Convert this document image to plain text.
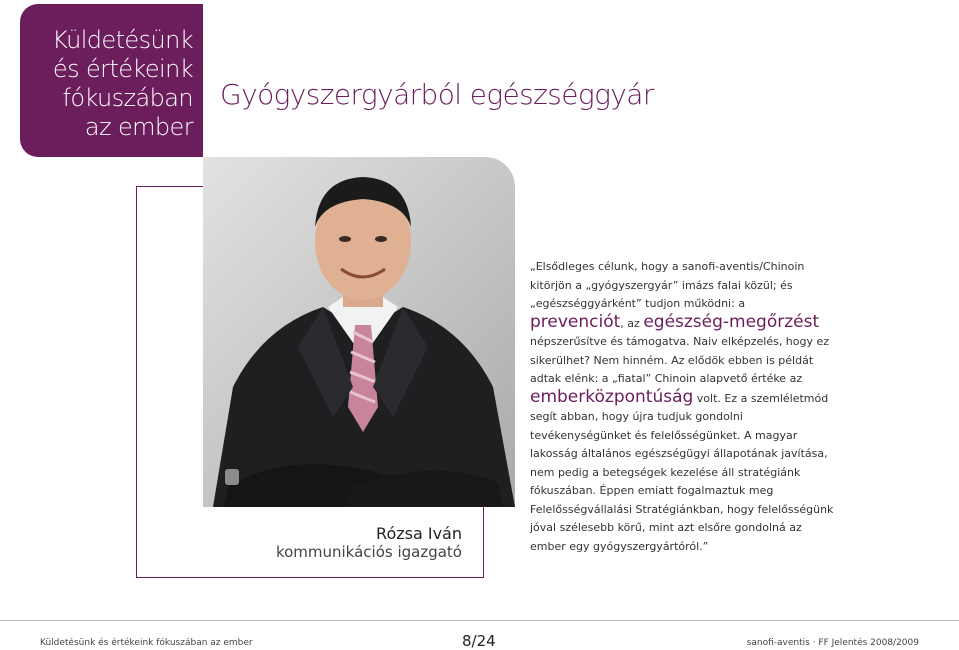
Küldetésünk
és értékeink
fókuszában
az ember
Gyógyszergyárból egészséggyár
Rózsa Iván
kommunikációs igazgató
„Elsődleges célunk, hogy a sanofi-aventis/Chinoin kitörjön a „gyógyszergyár” imázs falai közül; és „egészséggyárként” tudjon működni: a prevenciót, az egészség-megőrzést népszerűsítve és támogatva. Naiv elképzelés, hogy ez sikerülhet? Nem hinném. Az elődök ebben is példát adtak elénk: a „fiatal” Chinoin alapvető értéke az emberközpontúság volt. Ez a szemléletmód segít abban, hogy újra tudjuk gondolni tevékenységünket és felelősségünket. A magyar lakosság általános egészségügyi állapotának javítása, nem pedig a betegségek kezelése áll stratégiánk fókuszában. Éppen emiatt fogalmaztuk meg Felelősségvállalási Stratégiánkban, hogy felelősségünk jóval szélesebb körű, mint azt elsőre gondolná az ember egy gyógyszergyártóról.”
Küldetésünk és értékeink fókuszában az ember	8/24	sanofi-aventis · FF Jelentés 2008/2009
